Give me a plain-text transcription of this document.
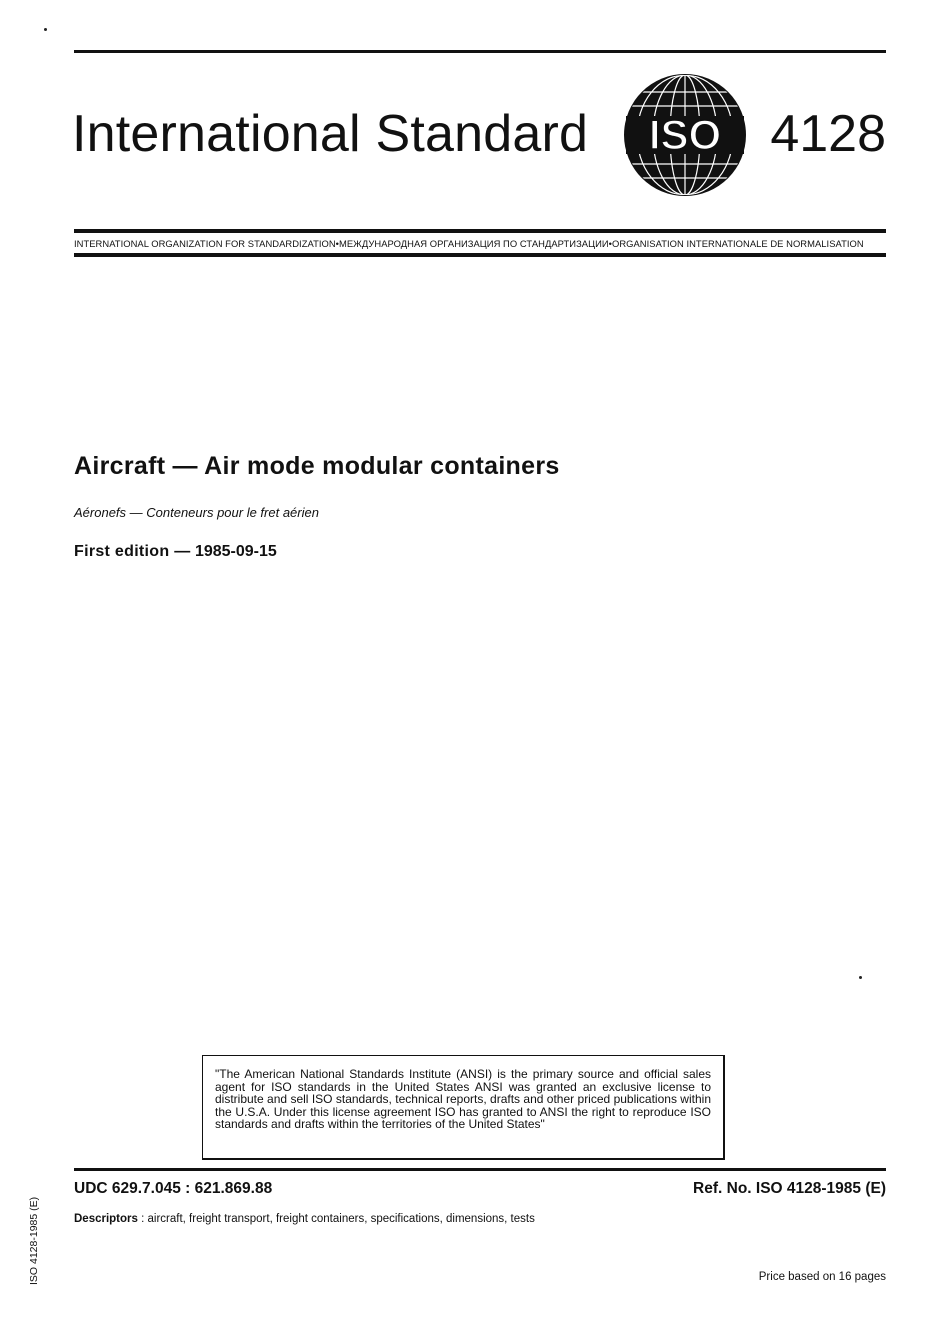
International Standard ISO 4128
INTERNATIONAL ORGANIZATION FOR STANDARDIZATION•МЕЖДУНАРОДНАЯ ОРГАНИЗАЦИЯ ПО СТАНДАРТИЗАЦИИ•ORGANISATION INTERNATIONALE DE NORMALISATION
Aircraft — Air mode modular containers
Aéronefs — Conteneurs pour le fret aérien
First edition — 1985-09-15
"The American National Standards Institute (ANSI) is the primary source and official sales agent for ISO standards in the United States ANSI was granted an exclusive license to distribute and sell ISO standards, technical reports, drafts and other priced publications within the U.S.A. Under this license agreement ISO has granted to ANSI the right to reproduce ISO standards and drafts within the territories of the United States"
UDC 629.7.045 : 621.869.88	Ref. No. ISO 4128-1985 (E)
Descriptors : aircraft, freight transport, freight containers, specifications, dimensions, tests
Price based on 16 pages
ISO 4128-1985 (E)
